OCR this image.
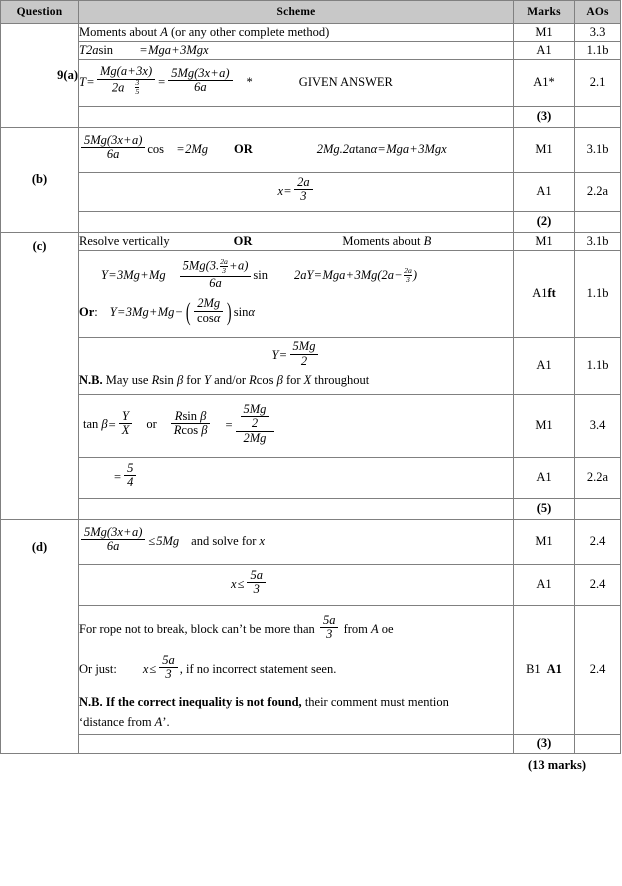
Question	Scheme	Marks	AOs
9(a)	Moments about A (or any other complete method)	M1	3.3
	T2asin =Mga+3Mgx	A1	1.1b
$T= \frac{Mg(a+3x)}{2a \frac{3}{5}} = \frac{5Mg(3x+a)}{6a}$ *	GIVEN ANSWER	A1*	2.1
		(3)	
(b)	$\frac{5Mg(3x+a)}{6a}$ cos =2Mg OR 2Mg.2atanα=Mga+3Mgx	M1	3.1b
	$x= \frac{2a}{3}$	A1	2.2a
		(2)	
(c)	Resolve vertically OR Moments about B	M1	3.1b

$Y=3Mg+Mg \frac{5Mg(3. \frac{2a}{3} +a)}{6a}$ $\sin 2aY=Mga+3Mg(2a- \frac{2a}{3}$ )
Or: Y=3Mg+Mg− ( $\frac{2Mg}{\cos\alpha}$ ) sinα
	A1ft	1.1b

	$Y= \frac{5Mg}{2}$
N.B. May use Rsin β for Y and/or Rcos β for X throughout	A1	1.1b
$\tan \beta= \frac{Y}{X}$ or $\frac{\text{Rsin β}}{\text{Rcos β}} = \frac{\frac{5Mg}{2}}{2Mg}$	M1	3.4
	= $\frac{5}{4}$	A1	2.2a
		(5)	
(d)	$\frac{5Mg(3x+a)}{6a} \le 5Mg$ and solve for x	M1	2.4
	$x\le \frac{5a}{3}$	A1	2.4

For rope not to break, block can’t be more than $\frac{5a}{3}$ from A oe
Or just: $x\le \frac{5a}{3}$ , if no incorrect statement seen.
N.B. If the correct inequality is not found, their comment must mention
‘distance from A’.
	B1 A1	2.4
		(3)	
(13 marks)
